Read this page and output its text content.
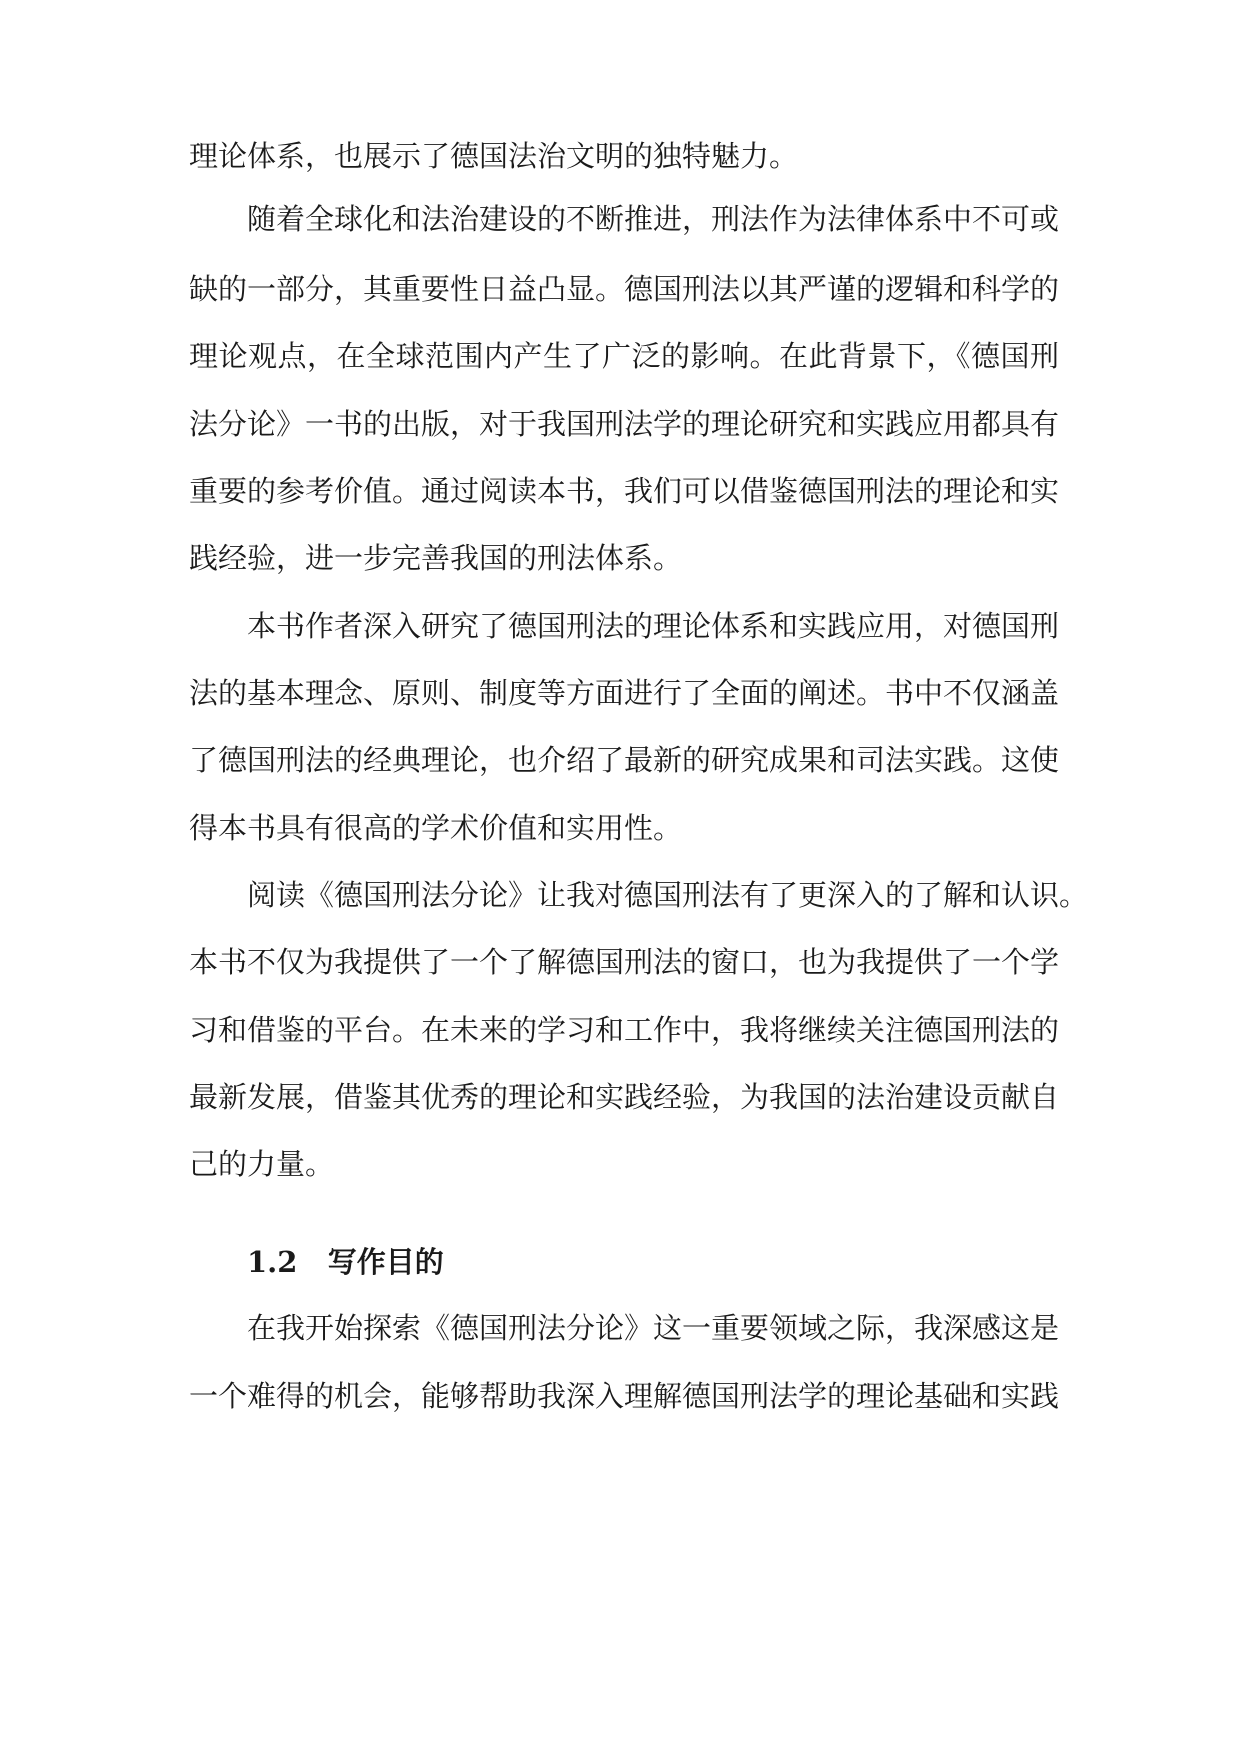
理论体系，也展示了德国法治文明的独特魅力。
随着全球化和法治建设的不断推进，刑法作为法律体系中不可或
缺的一部分，其重要性日益凸显。德国刑法以其严谨的逻辑和科学的
理论观点，在全球范围内产生了广泛的影响。在此背景下，《德国刑
法分论》一书的出版，对于我国刑法学的理论研究和实践应用都具有
重要的参考价值。通过阅读本书，我们可以借鉴德国刑法的理论和实
践经验，进一步完善我国的刑法体系。
本书作者深入研究了德国刑法的理论体系和实践应用，对德国刑
法的基本理念、原则、制度等方面进行了全面的阐述。书中不仅涵盖
了德国刑法的经典理论，也介绍了最新的研究成果和司法实践。这使
得本书具有很高的学术价值和实用性。
阅读《德国刑法分论》让我对德国刑法有了更深入的了解和认识。
本书不仅为我提供了一个了解德国刑法的窗口，也为我提供了一个学
习和借鉴的平台。在未来的学习和工作中，我将继续关注德国刑法的
最新发展，借鉴其优秀的理论和实践经验，为我国的法治建设贡献自
己的力量。
1.2 写作目的
在我开始探索《德国刑法分论》这一重要领域之际，我深感这是
一个难得的机会，能够帮助我深入理解德国刑法学的理论基础和实践
